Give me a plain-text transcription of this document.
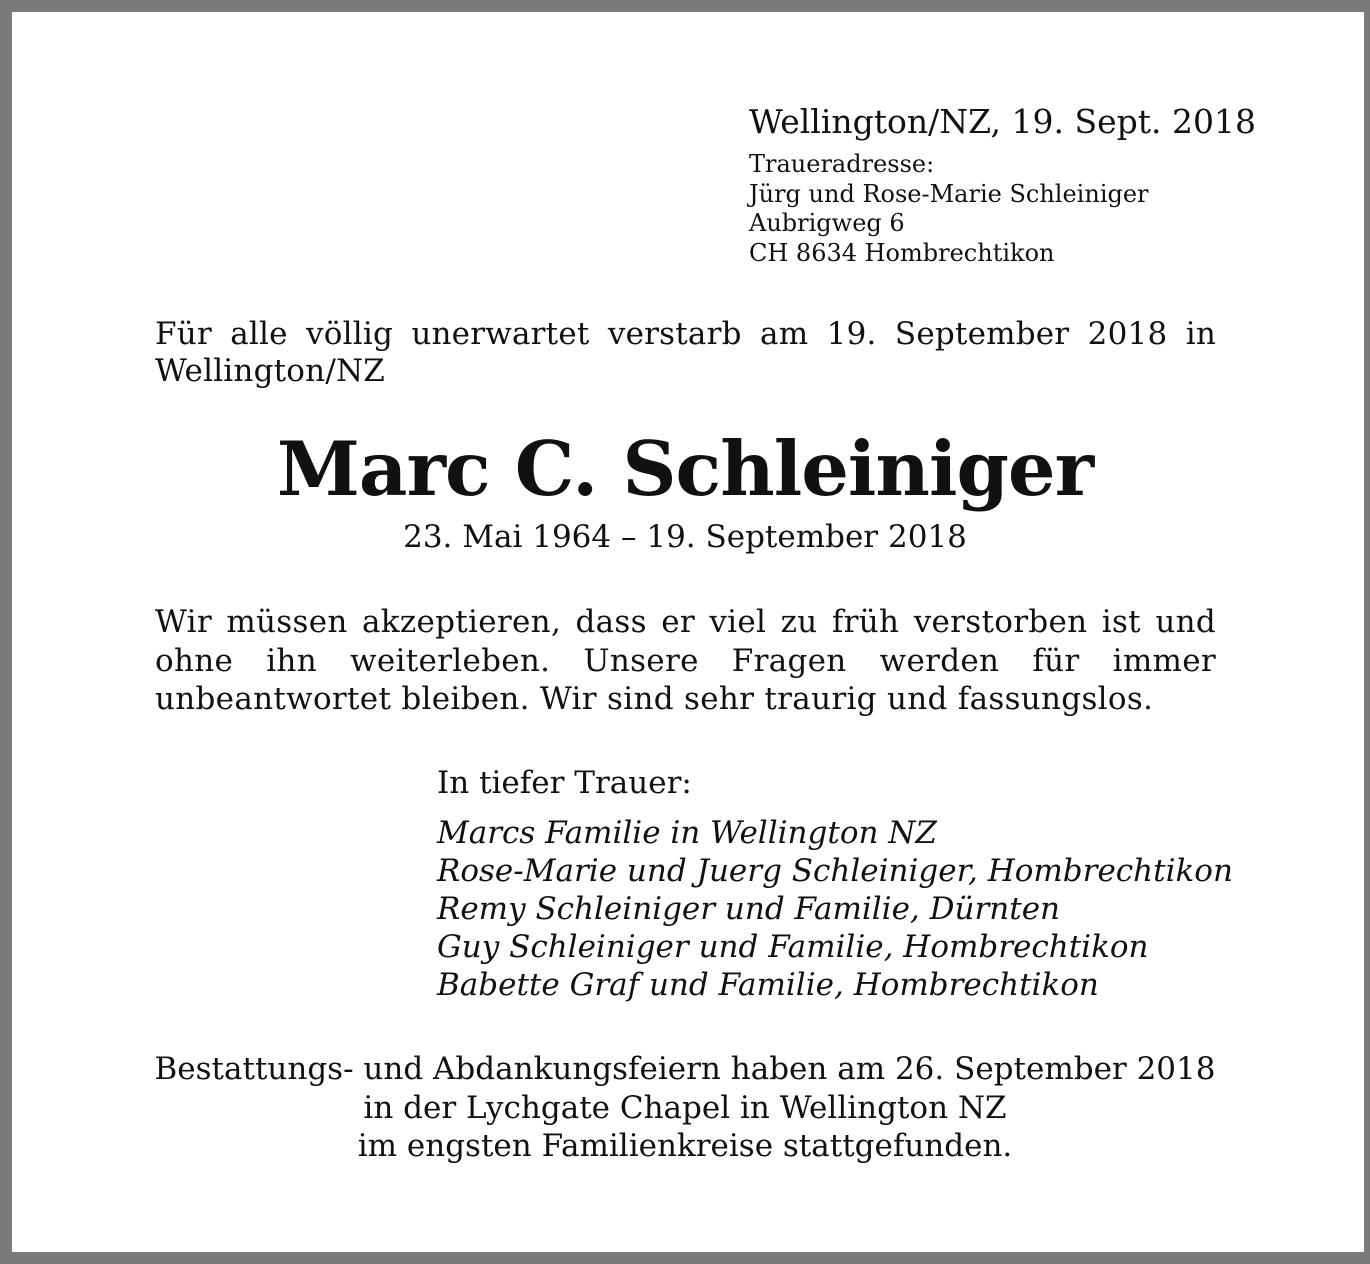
Wellington/NZ, 19. Sept. 2018
Traueradresse:
Jürg und Rose-Marie Schleiniger
Aubrigweg 6
CH 8634 Hombrechtikon
Für alle völlig unerwartet verstarb am 19. September 2018 in Wellington/NZ
Marc C. Schleiniger
23. Mai 1964 – 19. September 2018
Wir müssen akzeptieren, dass er viel zu früh verstorben ist und ohne ihn weiterleben. Unsere Fragen werden für immer unbeantwortet bleiben. Wir sind sehr traurig und fassungslos.
In tiefer Trauer:
Marcs Familie in Wellington NZ
Rose-Marie und Juerg Schleiniger, Hombrechtikon
Remy Schleiniger und Familie, Dürnten
Guy Schleiniger und Familie, Hombrechtikon
Babette Graf und Familie, Hombrechtikon
Bestattungs- und Abdankungsfeiern haben am 26. September 2018
in der Lychgate Chapel in Wellington NZ
im engsten Familienkreise stattgefunden.
